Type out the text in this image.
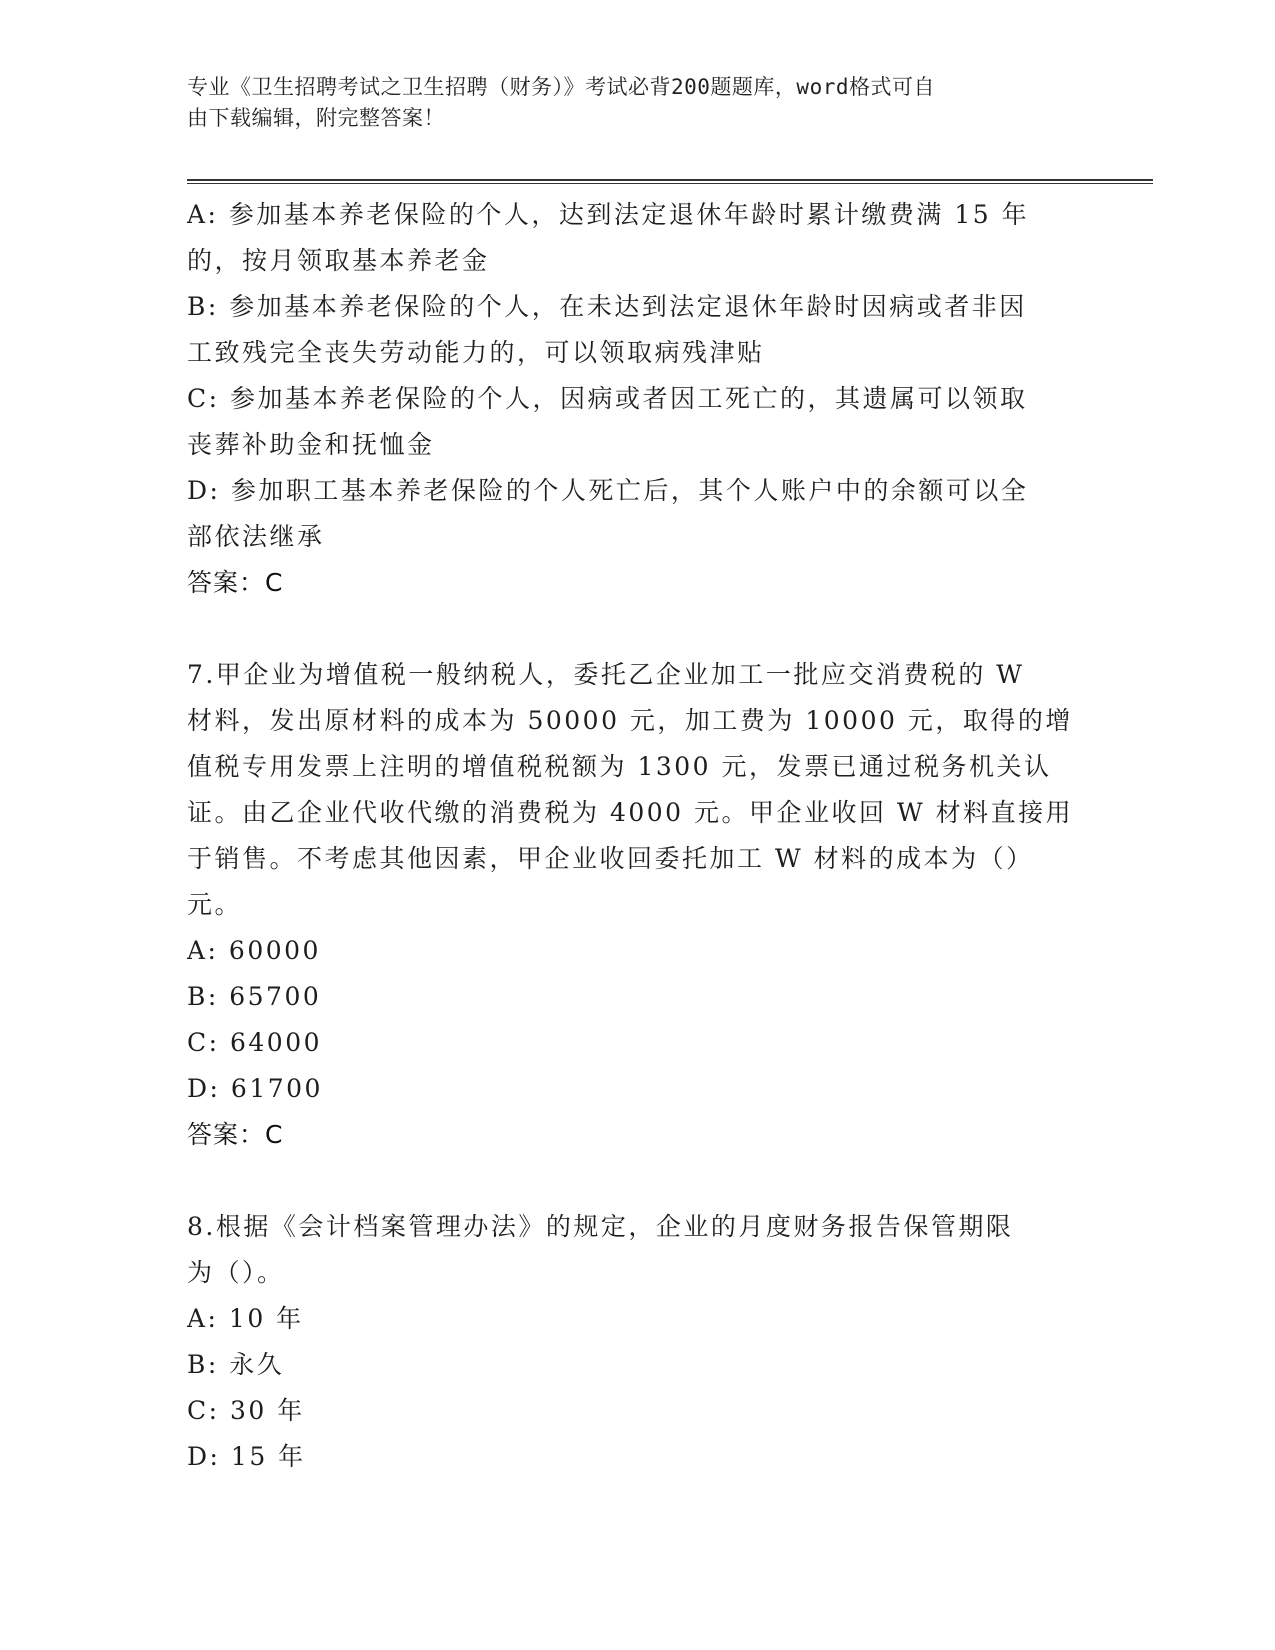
专业《卫生招聘考试之卫生招聘（财务）》考试必背200题题库，word格式可自
由下载编辑，附完整答案！
A: 参加基本养老保险的个人，达到法定退休年龄时累计缴费满 15 年
的，按月领取基本养老金
B: 参加基本养老保险的个人，在未达到法定退休年龄时因病或者非因
工致残完全丧失劳动能力的，可以领取病残津贴
C: 参加基本养老保险的个人，因病或者因工死亡的，其遗属可以领取
丧葬补助金和抚恤金
D: 参加职工基本养老保险的个人死亡后，其个人账户中的余额可以全
部依法继承
答案：C
7.甲企业为增值税一般纳税人，委托乙企业加工一批应交消费税的 W
材料，发出原材料的成本为 50000 元，加工费为 10000 元，取得的增
值税专用发票上注明的增值税税额为 1300 元，发票已通过税务机关认
证。由乙企业代收代缴的消费税为 4000 元。甲企业收回 W 材料直接用
于销售。不考虑其他因素，甲企业收回委托加工 W 材料的成本为（）
元。
A: 60000
B: 65700
C: 64000
D: 61700
答案：C
8.根据《会计档案管理办法》的规定，企业的月度财务报告保管期限
为（）。
A: 10 年
B: 永久
C: 30 年
D: 15 年
